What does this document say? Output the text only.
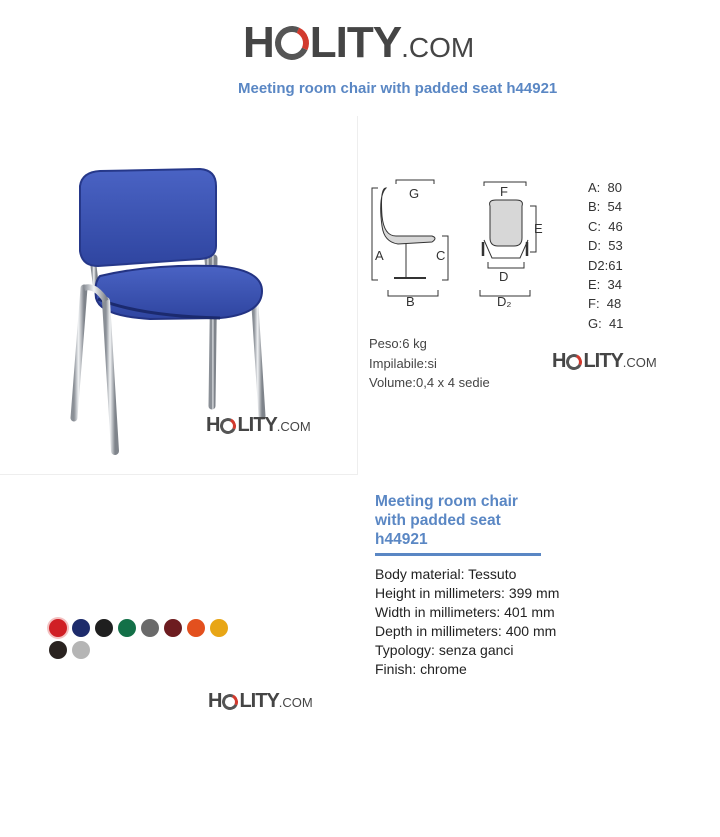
H LITY .COM
Meeting room chair with padded seat h44921
H LITY .COM
G
A	C
B
F
E
D
D₂
A:  80
B:  54
C:  46
D:  53
D2:61
E:  34
F:  48
G:  41
Peso:6 kg
Impilabile:si
Volume:0,4 x 4 sedie
H LITY .COM
Meeting room chair with padded seat h44921
Body material: Tessuto
Height in millimeters: 399 mm
Width in millimeters: 401 mm
Depth in millimeters: 400 mm
Typology: senza ganci
Finish: chrome
H LITY .COM
